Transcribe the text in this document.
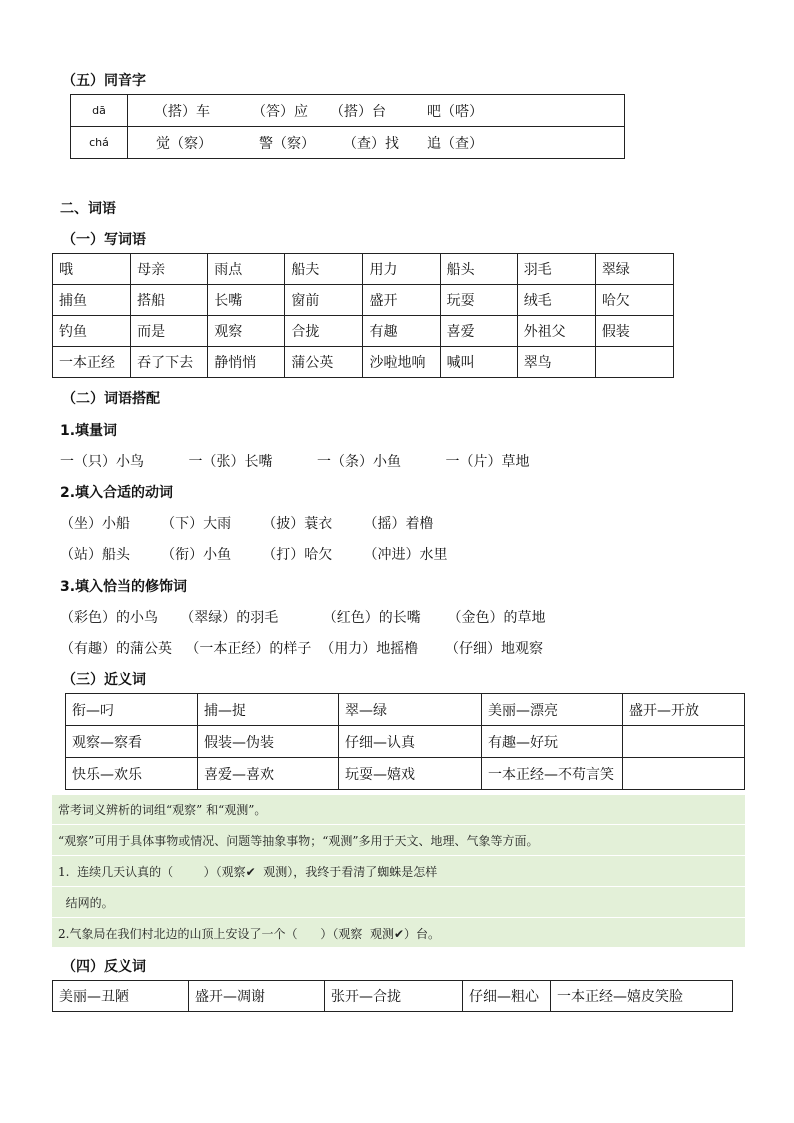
（五）同音字
dā	（搭）车 （答）应 （搭）台 吧（嗒）
chá	觉（察） 警（察） （查）找 追（查）
二、词语
（一）写词语
哦	母亲	雨点	船夫	用力	船头	羽毛	翠绿
捕鱼	搭船	长嘴	窗前	盛开	玩耍	绒毛	哈欠
钓鱼	而是	观察	合拢	有趣	喜爱	外祖父	假装
一本正经	吞了下去	静悄悄	蒲公英	沙啦地响	喊叫	翠鸟	
（二）词语搭配
1.填量词
一（只）小鸟          一（张）长嘴          一（条）小鱼          一（片）草地
2.填入合适的动词
（坐）小船       （下）大雨       （披）蓑衣       （摇）着橹
（站）船头       （衔）小鱼       （打）哈欠       （冲进）水里
3.填入恰当的修饰词
（彩色）的小鸟     （翠绿）的羽毛          （红色）的长嘴      （金色）的草地
（有趣）的蒲公英   （一本正经）的样子  （用力）地摇橹      （仔细）地观察
（三）近义词
衔—叼	捕—捉	翠—绿	美丽—漂亮	盛开—开放
观察—察看	假装—伪装	仔细—认真	有趣—好玩	
快乐—欢乐	喜爱—喜欢	玩耍—嬉戏	一本正经—不苟言笑	
常考词义辨析的词组“观察” 和“观测”。
“观察”可用于具体事物或情况、问题等抽象事物；“观测”多用于天文、地理、气象等方面。
1.  连续几天认真的（        ）（观察✔  观测），我终于看清了蜘蛛是怎样
结网的。
2.气象局在我们村北边的山顶上安设了一个（      ）（观察  观测✔）台。
（四）反义词
美丽—丑陋	盛开—凋谢	张开—合拢	仔细—粗心	一本正经—嬉皮笑脸
